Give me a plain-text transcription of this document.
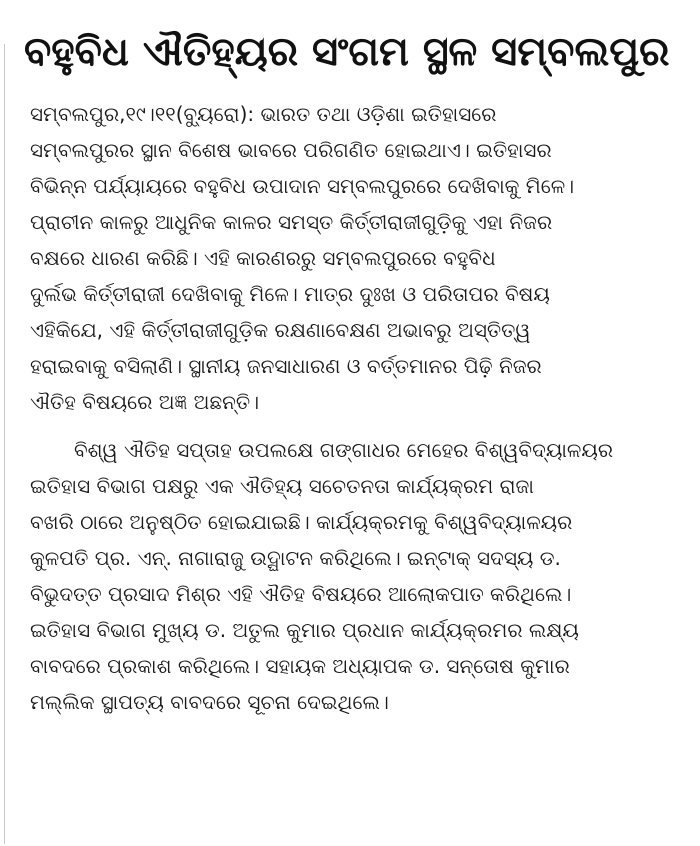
ବହୁବିଧ ଐତିହ୍ୟର ସଂଗମ ସ୍ଥଳ ସମ୍ବଲପୁର

ସମ୍ବଲପୁର,୧୯।୧୧(ବ୍ୟୁରୋ): ଭାରତ ତଥା ଓଡ଼ିଶା ଇତିହାସରେ

ସମ୍ବଲପୁରର ସ୍ଥାନ ବିଶେଷ ଭାବରେ ପରିଗଣିତ ହୋଇଥାଏ। ଇତିହାସର

ବିଭିନ୍ନ ପର୍ଯ୍ୟାୟରେ ବହୁବିଧ ଉପାଦାନ ସମ୍ବଲପୁରରେ ଦେଖିବାକୁ ମିଳେ।

ପ୍ରାଚୀନ କାଳରୁ ଆଧୁନିକ କାଳର ସମସ୍ତ କିର୍ତ୍ତୀରାଜୀଗୁଡ଼ିକୁ ଏହା ନିଜର

ବକ୍ଷରେ ଧାରଣ କରିଛି। ଏହି କାରଣରରୁ ସମ୍ବଲପୁରରେ ବହୁବିଧ

ଦୁର୍ଲଭ କିର୍ତ୍ତୀରାଜୀ ଦେଖିବାକୁ ମିଳେ। ମାତ୍ର ଦୁଃଖ ଓ ପରିତାପର ବିଷୟ

ଏହିକିଯେ, ଏହି କିର୍ତ୍ତୀରାଜୀଗୁଡ଼ିକ ରକ୍ଷଣାବେକ୍ଷଣ ଅଭାବରୁ ଅସ୍ତିତ୍ୱ

ହରାଇବାକୁ ବସିଲାଣି। ସ୍ଥାନୀୟ ଜନସାଧାରଣ ଓ ବର୍ତ୍ତମାନର ପିଢ଼ି ନିଜର

ଐତିହ ବିଷୟରେ ଅଜ୍ଞ ଅଛନ୍ତି।

ବିଶ୍ୱ ଐତିହ ସପ୍ତାହ ଉପଲକ୍ଷେ ଗଙ୍ଗାଧର ମେହେର ବିଶ୍ୱବିଦ୍ୟାଳୟର

ଇତିହାସ ବିଭାଗ ପକ୍ଷରୁ ଏକ ଐତିହ୍ୟ ସଚେତନତା କାର୍ଯ୍ୟକ୍ରମ ରାଜା

ବଖରି ଠାରେ ଅନୁଷ୍ଠିତ ହୋଇଯାଇଛି। କାର୍ଯ୍ୟକ୍ରମକୁ ବିଶ୍ୱବିଦ୍ୟାଳୟର

କୁଳପତି ପ୍ର. ଏନ୍. ନାଗାରାଜୁ ଉଦ୍ଘାଟନ କରିଥିଲେ। ଇନ୍ଟାକ୍ ସଦସ୍ୟ ଡ.

ବିଭୁଦତ୍ତ ପ୍ରସାଦ ମିଶ୍ର ଏହି ଐତିହ ବିଷୟରେ ଆଲୋକପାତ କରିଥିଲେ।

ଇତିହାସ ବିଭାଗ ମୁଖ୍ୟ ଡ. ଅତୁଲ କୁମାର ପ୍ରଧାନ କାର୍ଯ୍ୟକ୍ରମର ଲକ୍ଷ୍ୟ

ବାବଦରେ ପ୍ରକାଶ କରିଥିଲେ। ସହାୟକ ଅଧ୍ୟାପକ ଡ. ସନ୍ତୋଷ କୁମାର

ମଲ୍ଲିକ ସ୍ଥାପତ୍ୟ ବାବଦରେ ସୂଚନା ଦେଇଥିଲେ।
